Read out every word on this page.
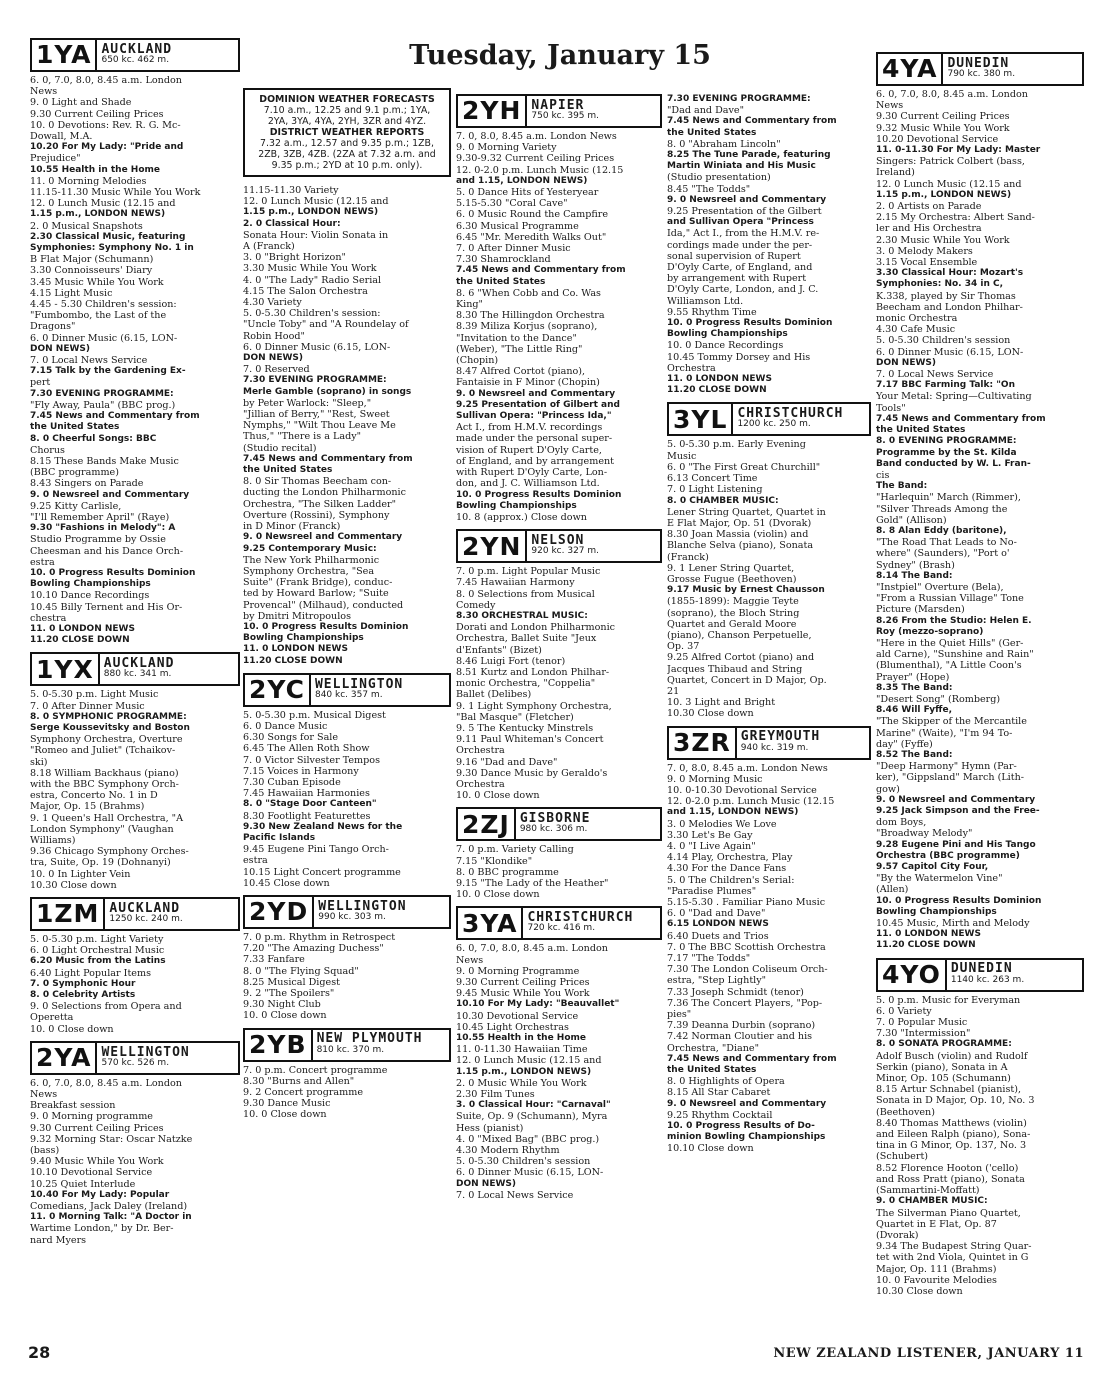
Tuesday, January 15
1YA AUCKLAND
650 kc. 462 m.
6. 0, 7.0, 8.0, 8.45 a.m. London
News
9. 0 Light and Shade
9.30 Current Ceiling Prices
10. 0 Devotions: Rev. R. G. Mc-
Dowall, M.A.
10.20 For My Lady: "Pride and
Prejudice"
10.55 Health in the Home
11. 0 Morning Melodies
11.15-11.30 Music While You Work
12. 0 Lunch Music (12.15 and
1.15 p.m., LONDON NEWS)
2. 0 Musical Snapshots
2.30 Classical Music, featuring
Symphonies: Symphony No. 1 in
B Flat Major (Schumann)
3.30 Connoisseurs' Diary
3.45 Music While You Work
4.15 Light Music
4.45 - 5.30 Children's session:
"Fumbombo, the Last of the
Dragons"
6. 0 Dinner Music (6.15, LON-
DON NEWS)
7. 0 Local News Service
7.15 Talk by the Gardening Ex-
pert
7.30 EVENING PROGRAMME:
"Fly Away, Paula" (BBC prog.)
7.45 News and Commentary from
the United States
8. 0 Cheerful Songs: BBC
Chorus
8.15 These Bands Make Music
(BBC programme)
8.43 Singers on Parade
9. 0 Newsreel and Commentary
9.25 Kitty Carlisle,
"I'll Remember April" (Raye)
9.30 "Fashions in Melody": A
Studio Programme by Ossie
Cheesman and his Dance Orch-
estra
10. 0 Progress Results Dominion
Bowling Championships
10.10 Dance Recordings
10.45 Billy Ternent and His Or-
chestra
11. 0 LONDON NEWS
11.20 CLOSE DOWN
1YX AUCKLAND
880 kc. 341 m.
5. 0-5.30 p.m. Light Music
7. 0 After Dinner Music
8. 0 SYMPHONIC PROGRAMME:
Serge Koussevitsky and Boston
Symphony Orchestra, Overture
"Romeo and Juliet" (Tchaikov-
ski)
8.18 William Backhaus (piano)
with the BBC Symphony Orch-
estra, Concerto No. 1 in D
Major, Op. 15 (Brahms)
9. 1 Queen's Hall Orchestra, "A
London Symphony" (Vaughan
Williams)
9.36 Chicago Symphony Orches-
tra, Suite, Op. 19 (Dohnanyi)
10. 0 In Lighter Vein
10.30 Close down
1ZM AUCKLAND
1250 kc. 240 m.
5. 0-5.30 p.m. Light Variety
6. 0 Light Orchestral Music
6.20 Music from the Latins
6.40 Light Popular Items
7. 0 Symphonic Hour
8. 0 Celebrity Artists
9. 0 Selections from Opera and
Operetta
10. 0 Close down
2YA WELLINGTON
570 kc. 526 m.
6. 0, 7.0, 8.0, 8.45 a.m. London
News
Breakfast session
9. 0 Morning programme
9.30 Current Ceiling Prices
9.32 Morning Star: Oscar Natzke
(bass)
9.40 Music While You Work
10.10 Devotional Service
10.25 Quiet Interlude
10.40 For My Lady: Popular
Comedians, Jack Daley (Ireland)
11. 0 Morning Talk: "A Doctor in
Wartime London," by Dr. Ber-
nard Myers
DOMINION WEATHER FORECASTS
7.10 a.m., 12.25 and 9.1 p.m.; 1YA, 2YA, 3YA, 4YA, 2YH, 3ZR and 4YZ.
DISTRICT WEATHER REPORTS
7.32 a.m., 12.57 and 9.35 p.m.; 1ZB, 2ZB, 3ZB, 4ZB. (2ZA at 7.32 a.m. and 9.35 p.m.; 2YD at 10 p.m. only).
11.15-11.30 Variety
12. 0 Lunch Music (12.15 and
1.15 p.m., LONDON NEWS)
2. 0 Classical Hour:
Sonata Hour: Violin Sonata in
A (Franck)
3. 0 "Bright Horizon"
3.30 Music While You Work
4. 0 "The Lady" Radio Serial
4.15 The Salon Orchestra
4.30 Variety
5. 0-5.30 Children's session:
"Uncle Toby" and "A Roundelay of
Robin Hood"
6. 0 Dinner Music (6.15, LON-
DON NEWS)
7. 0 Reserved
7.30 EVENING PROGRAMME:
Merle Gamble (soprano) in songs
by Peter Warlock: "Sleep,"
"Jillian of Berry," "Rest, Sweet
Nymphs," "Wilt Thou Leave Me
Thus," "There is a Lady"
(Studio recital)
7.45 News and Commentary from
the United States
8. 0 Sir Thomas Beecham con-
ducting the London Philharmonic
Orchestra, "The Silken Ladder"
Overture (Rossini), Symphony
in D Minor (Franck)
9. 0 Newsreel and Commentary
9.25 Contemporary Music:
The New York Philharmonic
Symphony Orchestra, "Sea
Suite" (Frank Bridge), conduc-
ted by Howard Barlow; "Suite
Provencal" (Milhaud), conducted
by Dmitri Mitropoulos
10. 0 Progress Results Dominion
Bowling Championships
11. 0 LONDON NEWS
11.20 CLOSE DOWN
2YC WELLINGTON
840 kc. 357 m.
5. 0-5.30 p.m. Musical Digest
6. 0 Dance Music
6.30 Songs for Sale
6.45 The Allen Roth Show
7. 0 Victor Silvester Tempos
7.15 Voices in Harmony
7.30 Cuban Episode
7.45 Hawaiian Harmonies
8. 0 "Stage Door Canteen"
8.30 Footlight Featurettes
9.30 New Zealand News for the
Pacific Islands
9.45 Eugene Pini Tango Orch-
estra
10.15 Light Concert programme
10.45 Close down
2YD WELLINGTON
990 kc. 303 m.
7. 0 p.m. Rhythm in Retrospect
7.20 "The Amazing Duchess"
7.33 Fanfare
8. 0 "The Flying Squad"
8.25 Musical Digest
9. 2 "The Spoilers"
9.30 Night Club
10. 0 Close down
2YB NEW PLYMOUTH
810 kc. 370 m.
7. 0 p.m. Concert programme
8.30 "Burns and Allen"
9. 2 Concert programme
9.30 Dance Music
10. 0 Close down
2YH NAPIER
750 kc. 395 m.
7. 0, 8.0, 8.45 a.m. London News
9. 0 Morning Variety
9.30-9.32 Current Ceiling Prices
12. 0-2.0 p.m. Lunch Music (12.15
and 1.15, LONDON NEWS)
5. 0 Dance Hits of Yesteryear
5.15-5.30 "Coral Cave"
6. 0 Music Round the Campfire
6.30 Musical Programme
6.45 "Mr. Meredith Walks Out"
7. 0 After Dinner Music
7.30 Shamrockland
7.45 News and Commentary from
the United States
8. 6 "When Cobb and Co. Was
King"
8.30 The Hillingdon Orchestra
8.39 Miliza Korjus (soprano),
"Invitation to the Dance"
(Weber), "The Little Ring"
(Chopin)
8.47 Alfred Cortot (piano),
Fantaisie in F Minor (Chopin)
9. 0 Newsreel and Commentary
9.25 Presentation of Gilbert and
Sullivan Opera: "Princess Ida,"
Act I., from H.M.V. recordings
made under the personal super-
vision of Rupert D'Oyly Carte,
of England, and by arrangement
with Rupert D'Oyly Carte, Lon-
don, and J. C. Williamson Ltd.
10. 0 Progress Results Dominion
Bowling Championships
10. 8 (approx.) Close down
2YN NELSON
920 kc. 327 m.
7. 0 p.m. Light Popular Music
7.45 Hawaiian Harmony
8. 0 Selections from Musical
Comedy
8.30 ORCHESTRAL MUSIC:
Dorati and London Philharmonic
Orchestra, Ballet Suite "Jeux
d'Enfants" (Bizet)
8.46 Luigi Fort (tenor)
8.51 Kurtz and London Philhar-
monic Orchestra, "Coppelia"
Ballet (Delibes)
9. 1 Light Symphony Orchestra,
"Bal Masque" (Fletcher)
9. 5 The Kentucky Minstrels
9.11 Paul Whiteman's Concert
Orchestra
9.16 "Dad and Dave"
9.30 Dance Music by Geraldo's
Orchestra
10. 0 Close down
2ZJ GISBORNE
980 kc. 306 m.
7. 0 p.m. Variety Calling
7.15 "Klondike"
8. 0 BBC programme
9.15 "The Lady of the Heather"
10. 0 Close down
3YA CHRISTCHURCH
720 kc. 416 m.
6. 0, 7.0, 8.0, 8.45 a.m. London
News
9. 0 Morning Programme
9.30 Current Ceiling Prices
9.45 Music While You Work
10.10 For My Lady: "Beauvallet"
10.30 Devotional Service
10.45 Light Orchestras
10.55 Health in the Home
11. 0-11.30 Hawaiian Time
12. 0 Lunch Music (12.15 and
1.15 p.m., LONDON NEWS)
2. 0 Music While You Work
2.30 Film Tunes
3. 0 Classical Hour: "Carnaval"
Suite, Op. 9 (Schumann), Myra
Hess (pianist)
4. 0 "Mixed Bag" (BBC prog.)
4.30 Modern Rhythm
5. 0-5.30 Children's session
6. 0 Dinner Music (6.15, LON-
DON NEWS)
7. 0 Local News Service
7.30 EVENING PROGRAMME:
"Dad and Dave"
7.45 News and Commentary from
the United States
8. 0 "Abraham Lincoln"
8.25 The Tune Parade, featuring
Martin Winiata and His Music
(Studio presentation)
8.45 "The Todds"
9. 0 Newsreel and Commentary
9.25 Presentation of the Gilbert
and Sullivan Opera "Princess
Ida," Act I., from the H.M.V. re-
cordings made under the per-
sonal supervision of Rupert
D'Oyly Carte, of England, and
by arrangement with Rupert
D'Oyly Carte, London, and J. C.
Williamson Ltd.
9.55 Rhythm Time
10. 0 Progress Results Dominion
Bowling Championships
10. 0 Dance Recordings
10.45 Tommy Dorsey and His
Orchestra
11. 0 LONDON NEWS
11.20 CLOSE DOWN
3YL CHRISTCHURCH
1200 kc. 250 m.
5. 0-5.30 p.m. Early Evening
Music
6. 0 "The First Great Churchill"
6.13 Concert Time
7. 0 Light Listening
8. 0 CHAMBER MUSIC:
Lener String Quartet, Quartet in
E Flat Major, Op. 51 (Dvorak)
8.30 Joan Massia (violin) and
Blanche Selva (piano), Sonata
(Franck)
9. 1 Lener String Quartet,
Grosse Fugue (Beethoven)
9.17 Music by Ernest Chausson
(1855-1899): Maggie Teyte
(soprano), the Bloch String
Quartet and Gerald Moore
(piano), Chanson Perpetuelle,
Op. 37
9.25 Alfred Cortot (piano) and
Jacques Thibaud and String
Quartet, Concert in D Major, Op.
21
10. 3 Light and Bright
10.30 Close down
3ZR GREYMOUTH
940 kc. 319 m.
7. 0, 8.0, 8.45 a.m. London News
9. 0 Morning Music
10. 0-10.30 Devotional Service
12. 0-2.0 p.m. Lunch Music (12.15
and 1.15, LONDON NEWS)
3. 0 Melodies We Love
3.30 Let's Be Gay
4. 0 "I Live Again"
4.14 Play, Orchestra, Play
4.30 For the Dance Fans
5. 0 The Children's Serial:
"Paradise Plumes"
5.15-5.30 . Familiar Piano Music
6. 0 "Dad and Dave"
6.15 LONDON NEWS
6.40 Duets and Trios
7. 0 The BBC Scottish Orchestra
7.17 "The Todds"
7.30 The London Coliseum Orch-
estra, "Step Lightly"
7.33 Joseph Schmidt (tenor)
7.36 The Concert Players, "Pop-
pies"
7.39 Deanna Durbin (soprano)
7.42 Norman Cloutier and his
Orchestra, "Diane"
7.45 News and Commentary from
the United States
8. 0 Highlights of Opera
8.15 All Star Cabaret
9. 0 Newsreel and Commentary
9.25 Rhythm Cocktail
10. 0 Progress Results of Do-
minion Bowling Championships
10.10 Close down
4YA DUNEDIN
790 kc. 380 m.
6. 0, 7.0, 8.0, 8.45 a.m. London
News
9.30 Current Ceiling Prices
9.32 Music While You Work
10.20 Devotional Service
11. 0-11.30 For My Lady: Master
Singers: Patrick Colbert (bass,
Ireland)
12. 0 Lunch Music (12.15 and
1.15 p.m., LONDON NEWS)
2. 0 Artists on Parade
2.15 My Orchestra: Albert Sand-
ler and His Orchestra
2.30 Music While You Work
3. 0 Melody Makers
3.15 Vocal Ensemble
3.30 Classical Hour: Mozart's
Symphonies: No. 34 in C,
K.338, played by Sir Thomas
Beecham and London Philhar-
monic Orchestra
4.30 Cafe Music
5. 0-5.30 Children's session
6. 0 Dinner Music (6.15, LON-
DON NEWS)
7. 0 Local News Service
7.17 BBC Farming Talk: "On
Your Metal: Spring—Cultivating
Tools"
7.45 News and Commentary from
the United States
8. 0 EVENING PROGRAMME:
Programme by the St. Kilda
Band conducted by W. L. Fran-
cis
The Band:
"Harlequin" March (Rimmer),
"Silver Threads Among the
Gold" (Allison)
8. 8 Alan Eddy (baritone),
"The Road That Leads to No-
where" (Saunders), "Port o'
Sydney" (Brash)
8.14 The Band:
"Instpiel" Overture (Bela),
"From a Russian Village" Tone
Picture (Marsden)
8.26 From the Studio: Helen E.
Roy (mezzo-soprano)
"Here in the Quiet Hills" (Ger-
ald Carne), "Sunshine and Rain"
(Blumenthal), "A Little Coon's
Prayer" (Hope)
8.35 The Band:
"Desert Song" (Romberg)
8.46 Will Fyffe,
"The Skipper of the Mercantile
Marine" (Waite), "I'm 94 To-
day" (Fyffe)
8.52 The Band:
"Deep Harmony" Hymn (Par-
ker), "Gippsland" March (Lith-
gow)
9. 0 Newsreel and Commentary
9.25 Jack Simpson and the Free-
dom Boys,
"Broadway Melody"
9.28 Eugene Pini and His Tango
Orchestra (BBC programme)
9.57 Capitol City Four,
"By the Watermelon Vine"
(Allen)
10. 0 Progress Results Dominion
Bowling Championships
10.45 Music, Mirth and Melody
11. 0 LONDON NEWS
11.20 CLOSE DOWN
4YO DUNEDIN
1140 kc. 263 m.
5. 0 p.m. Music for Everyman
6. 0 Variety
7. 0 Popular Music
7.30 "Intermission"
8. 0 SONATA PROGRAMME:
Adolf Busch (violin) and Rudolf
Serkin (piano), Sonata in A
Minor, Op. 105 (Schumann)
8.15 Artur Schnabel (pianist),
Sonata in D Major, Op. 10, No. 3
(Beethoven)
8.40 Thomas Matthews (violin)
and Eileen Ralph (piano), Sona-
tina in G Minor, Op. 137, No. 3
(Schubert)
8.52 Florence Hooton ('cello)
and Ross Pratt (piano), Sonata
(Sammartini-Moffatt)
9. 0 CHAMBER MUSIC:
The Silverman Piano Quartet,
Quartet in E Flat, Op. 87
(Dvorak)
9.34 The Budapest String Quar-
tet with 2nd Viola, Quintet in G
Major, Op. 111 (Brahms)
10. 0 Favourite Melodies
10.30 Close down
28	NEW ZEALAND LISTENER, JANUARY 11
